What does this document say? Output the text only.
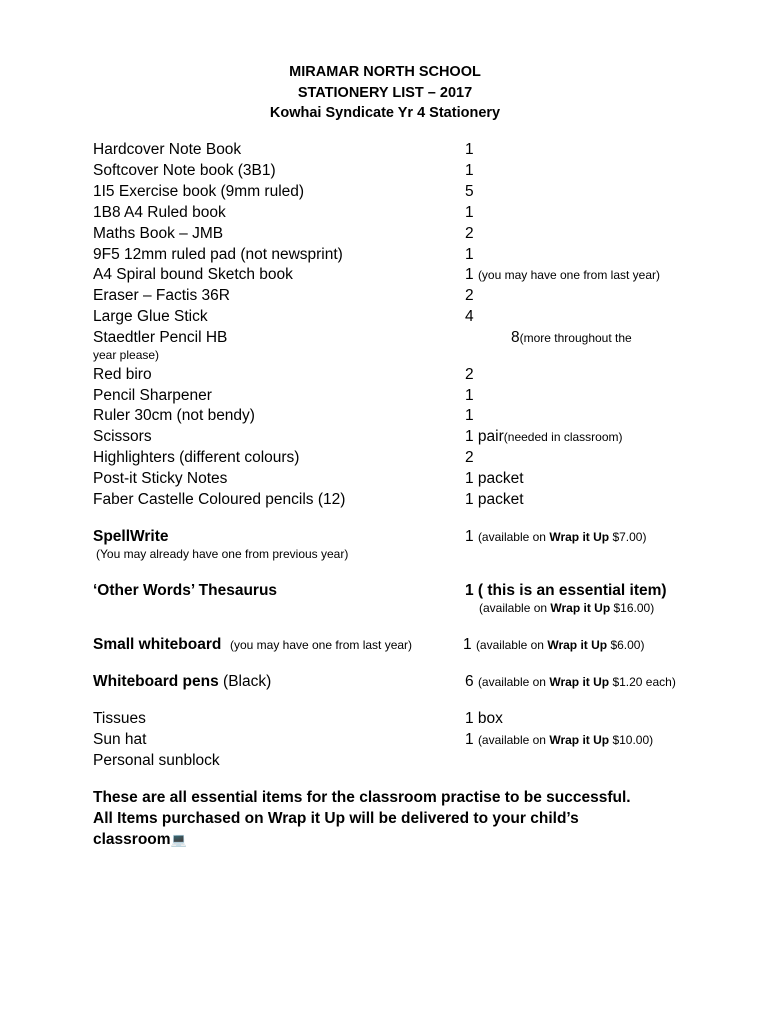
MIRAMAR NORTH SCHOOL
STATIONERY LIST – 2017
Kowhai Syndicate Yr 4 Stationery
Hardcover Note Book	1
Softcover Note book (3B1)	1
1I5 Exercise book (9mm ruled)	5
1B8 A4 Ruled book	1
Maths Book – JMB	2
9F5 12mm ruled pad (not newsprint)	1
A4 Spiral bound Sketch book	1 (you may have one from last year)
Eraser – Factis 36R	2
Large Glue Stick	4
Staedtler Pencil HB	8(more throughout the
year please)
Red biro	2
Pencil Sharpener	1
Ruler 30cm (not bendy)	1
Scissors	1 pair(needed in classroom)
Highlighters (different colours)	2
Post-it Sticky Notes	1 packet
Faber Castelle Coloured pencils (12)	1 packet
SpellWrite	1 (available on Wrap it Up $7.00)
(You may already have one from previous year)
‘Other Words’ Thesaurus	1 ( this is an essential item)
(available on Wrap it Up $16.00)
Small whiteboard (you may have one from last year)	1 (available on Wrap it Up $6.00)
Whiteboard pens (Black)	6 (available on Wrap it Up $1.20 each)
Tissues	1 box
Sun hat	1 (available on Wrap it Up $10.00)
Personal sunblock
These are all essential items for the classroom practise to be successful.
All Items purchased on Wrap it Up will be delivered to your child’s
classroom💻
